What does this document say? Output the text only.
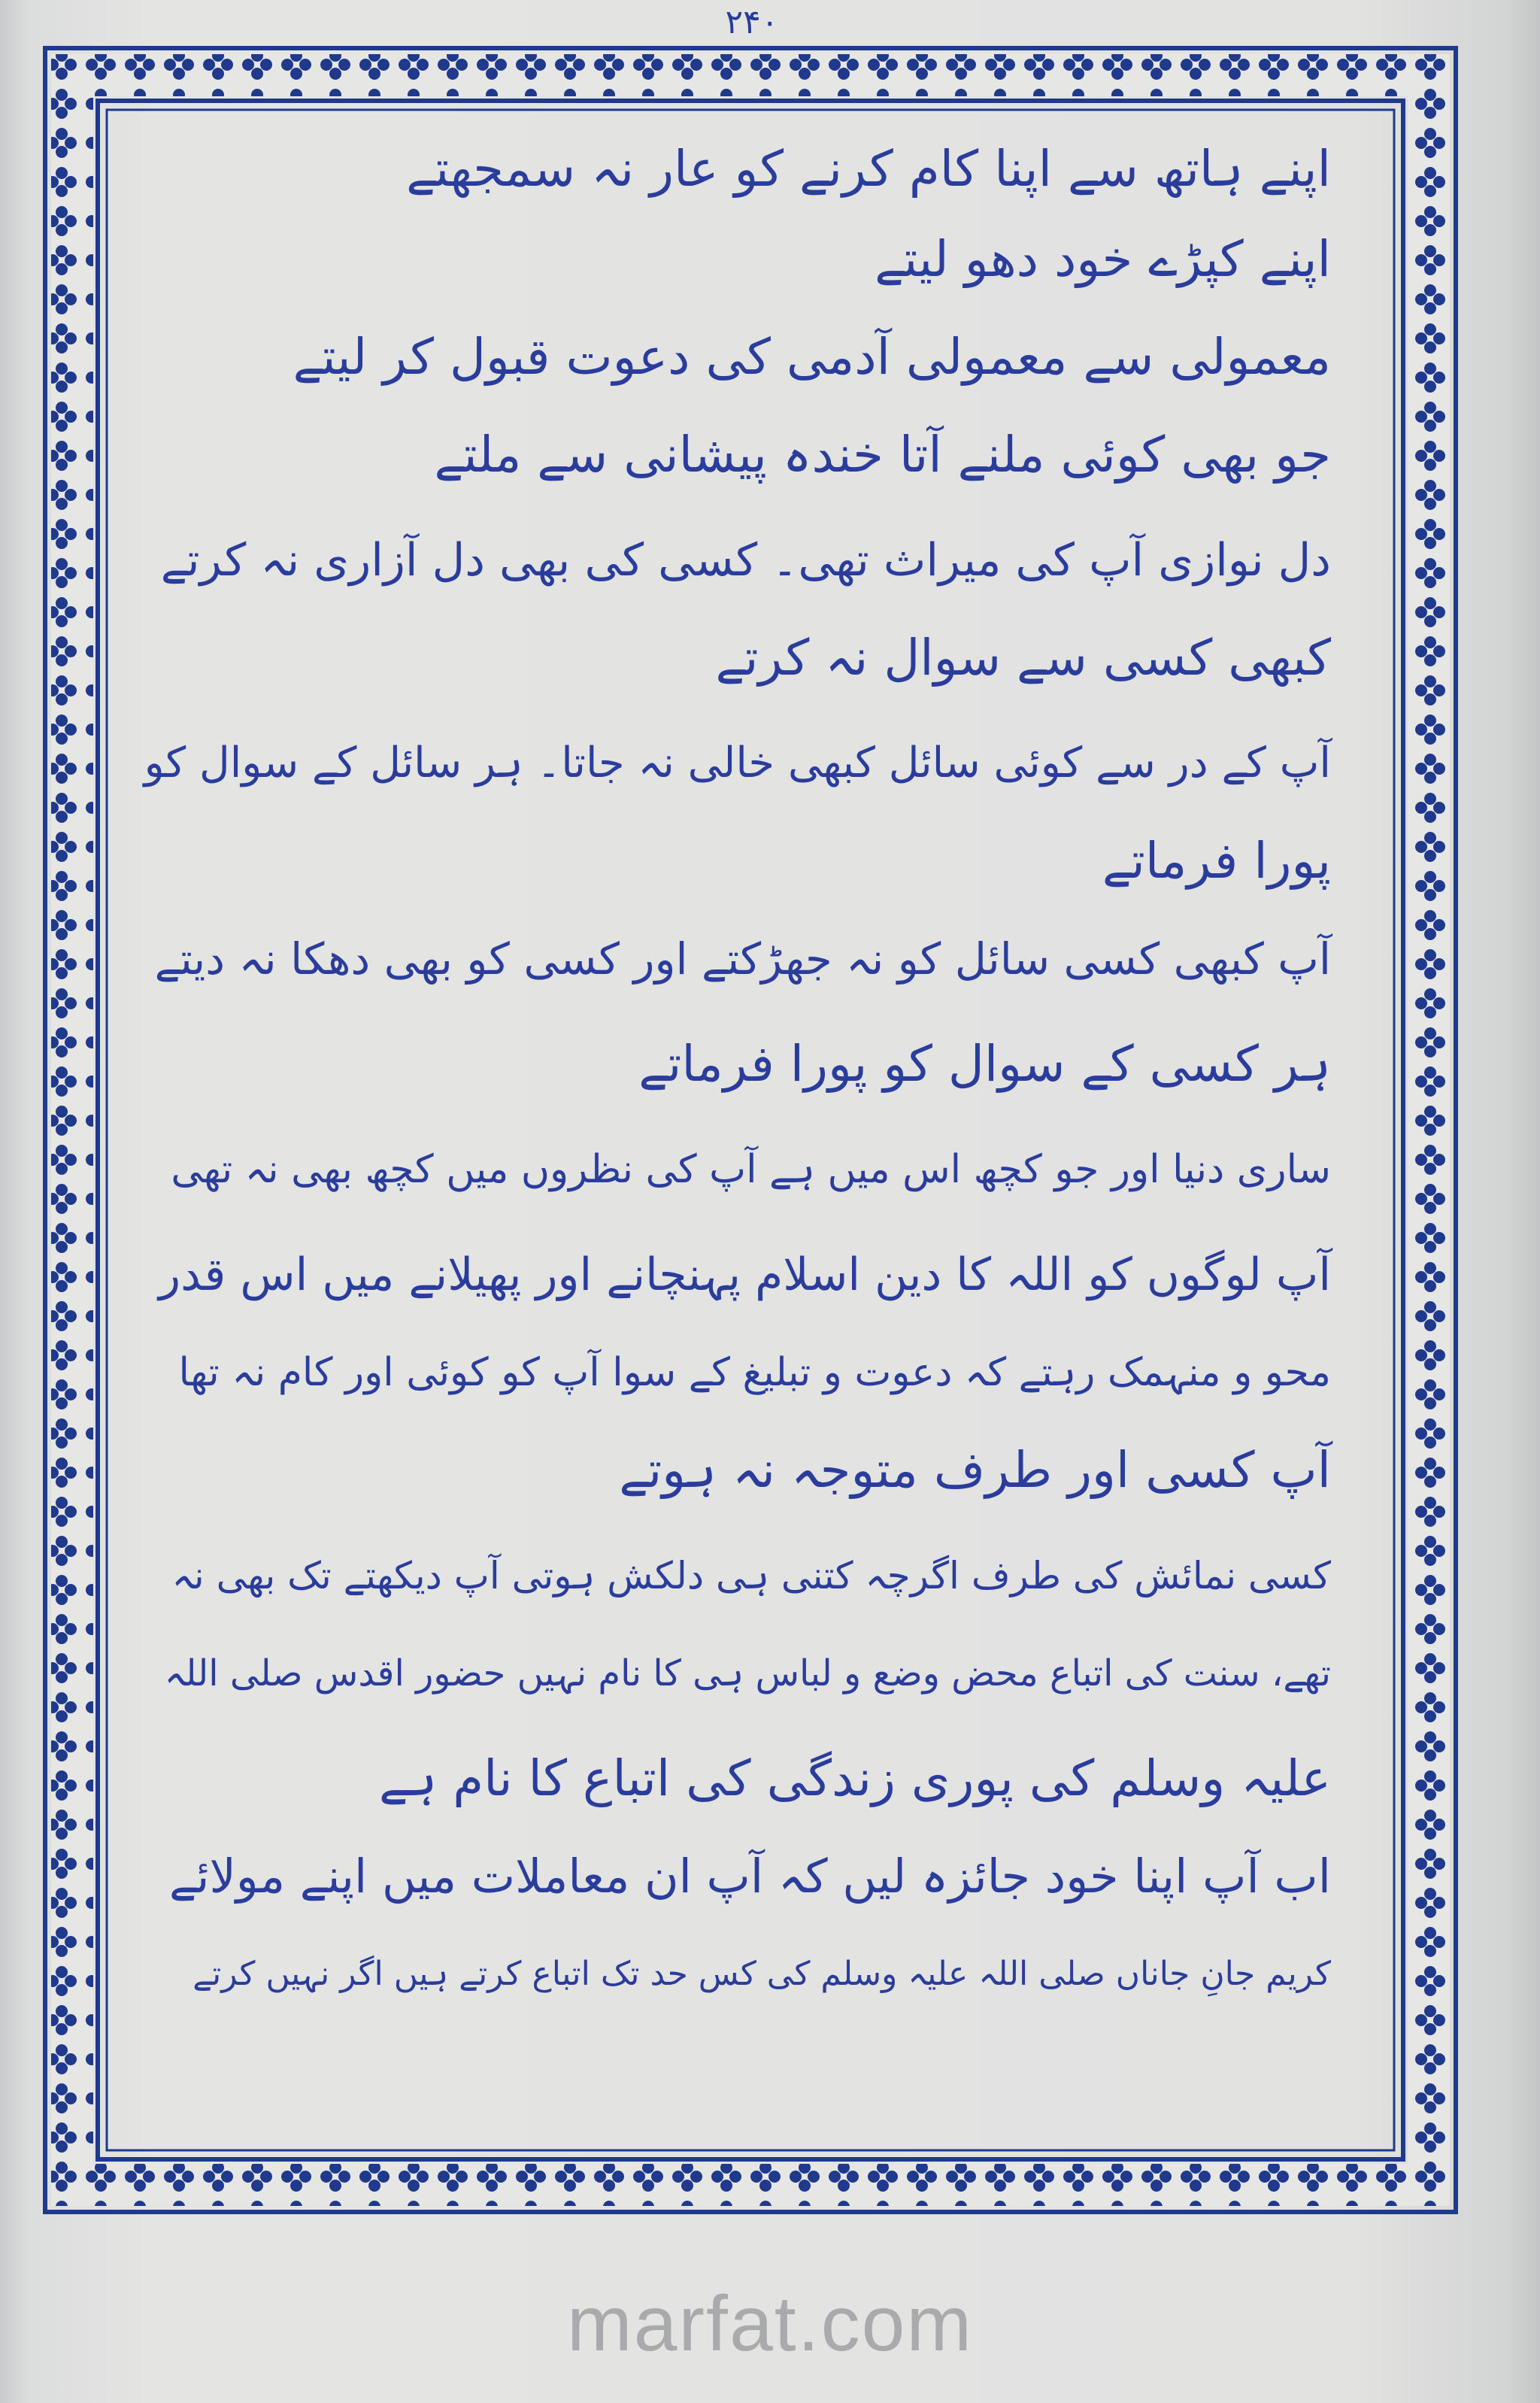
۲۴۰
اپنے ہاتھ سے اپنا کام کرنے کو عار نہ سمجھتے
اپنے کپڑے خود دھو لیتے
معمولی سے معمولی آدمی کی دعوت قبول کر لیتے
جو بھی کوئی ملنے آتا خندہ پیشانی سے ملتے
دل نوازی آپ کی میراث تھی۔ کسی کی بھی دل آزاری نہ کرتے
کبھی کسی سے سوال نہ کرتے
آپ کے در سے کوئی سائل کبھی خالی نہ جاتا۔ ہر سائل کے سوال کو
پورا فرماتے
آپ کبھی کسی سائل کو نہ جھڑکتے اور کسی کو بھی دھکا نہ دیتے
ہر کسی کے سوال کو پورا فرماتے
ساری دنیا اور جو کچھ اس میں ہے آپ کی نظروں میں کچھ بھی نہ تھی
آپ لوگوں کو اللہ کا دین اسلام پہنچانے اور پھیلانے میں اس قدر
محو و منہمک رہتے کہ دعوت و تبلیغ کے سوا آپ کو کوئی اور کام نہ تھا
آپ کسی اور طرف متوجہ نہ ہوتے
کسی نمائش کی طرف اگرچہ کتنی ہی دلکش ہوتی آپ دیکھتے تک بھی نہ
تھے، سنت کی اتباع محض وضع و لباس ہی کا نام نہیں حضور اقدس صلی اللہ
علیہ وسلم کی پوری زندگی کی اتباع کا نام ہے
اب آپ اپنا خود جائزہ لیں کہ آپ ان معاملات میں اپنے مولائے
کریم جانِ جاناں صلی اللہ علیہ وسلم کی کس حد تک اتباع کرتے ہیں اگر نہیں کرتے
marfat.com
